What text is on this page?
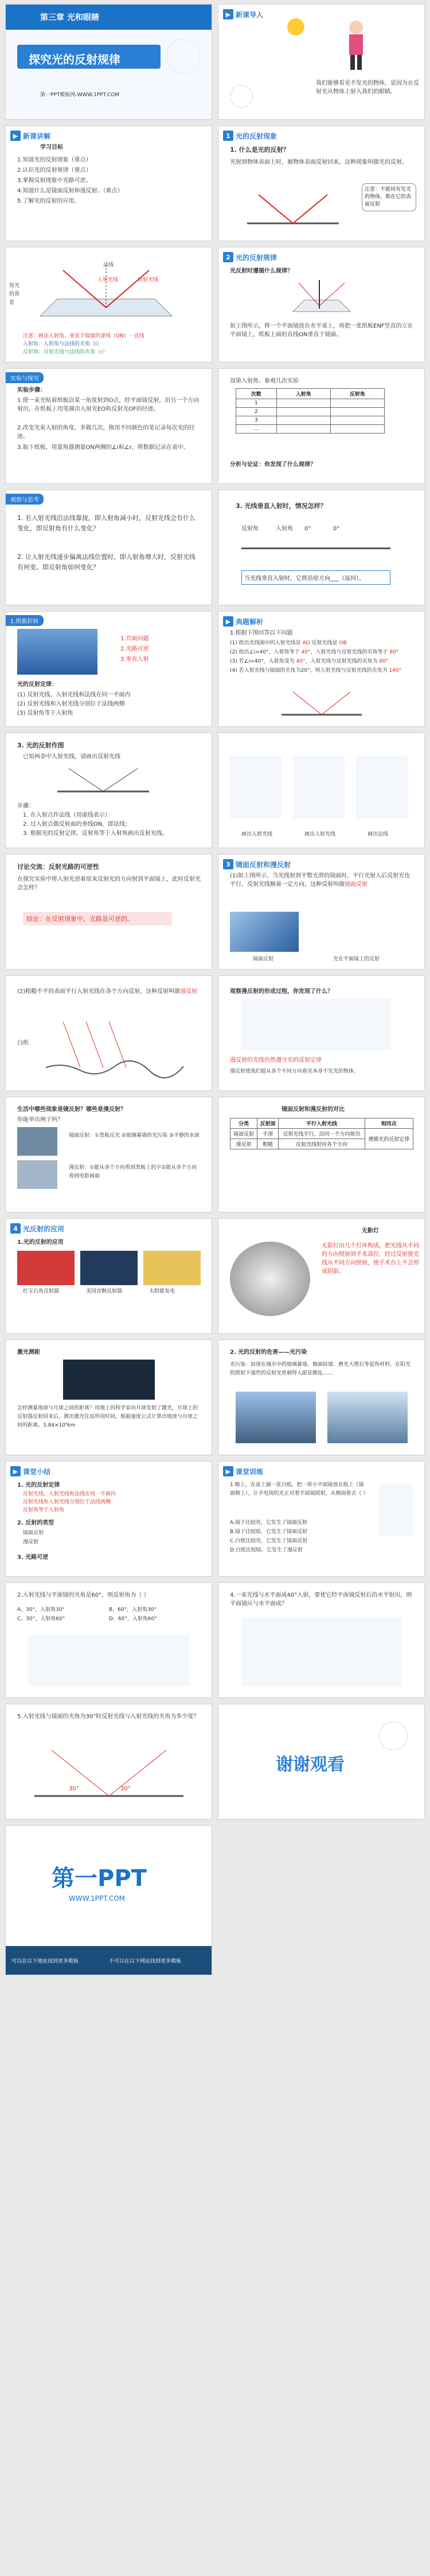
第三章 光和眼睛
探究光的反射规律
第一PPT模板网-WWW.1PPT.COM
▶ 新课导入
我们能够看见不发光的物体，是因为在反射光从物体上射入我们的眼睛。
▶ 新课讲解
学习目标
1.知道光的反射现象（重点）
2.认识光的反射规律（重点）
3.掌握反射现象中光路可逆。
4.知道什么是镜面反射和漫反射。（难点）
5.了解光的反射的应用。
1 光的反射现象
1. 什么是光的反射？
光射到物体表面上时，被物体表面反射回来，这种现象叫做光的反射。
注意：不能同有发光的物体，都在它的表面反射
入射光线	反射光线
法线
注意：画法入射角、垂直于镜面的虚线（ON）一直线
入射角：入射角与法线的夹角（i）
反射角：反射光线与法线的夹角（r）
按光的背景
2 光的反射规律
光反射时遵循什么规律？
如上图所示，将一个平面镜放在水平桌上，再把一张纸板ENF竖直的立在平面镜上，纸板上面的直线ON垂直于镜面。
实验与探究
实验步骤：
1.使一束光贴着纸板沿某一角度射到O点，经平面镜反射，沿另一个方向射出，在纸板上用笔描出入射光EO和反射光OF的径迹。
2.改变光束入射的角度，多做几次，换用不同颜色的笔记录每次光的径迹。
3.取下纸板，用量角器测量ON两侧的∠i和∠r，将数据记录在表中。
设第入射角、参观几次实验
次数	入射角	反射角
1		
2		
3		
…		
分析与论证：你发现了什么规律？
观察与思考
1. 若入射光线沿法线靠拢，即入射角减小时，反射光线会有什么变化，即反射角有什么变化？
2. 让入射光线逐步偏离法线位置时，即入射角增大时，反射光线有何变。即反射角如何变化？
3. 光线垂直入射时，情况怎样？
反射角	入射角 0°	0°
当光线垂直入射时，它将沿原方向___（返回）。
1.纸板折转
1.共面问题
2.光路可逆
3.垂直入射
光的反射定律：
(1) 反射光线、入射光线和法线在同一平面内
(2) 反射光线和入射光线分别位于法线两侧
(3) 反射角等于入射角
▶ 典题解析
1.根据下图回答以下问题
(1) 指出光线图中的入射光线是 AO 反射光线是 OB
(2) 指出∠i=40°，入射角等于 40°，入射光线与反射光线的夹角等于 80°
(3) 若∠i=40°，入射角变为 40°，入射光线与反射光线的夹角为 80°
(4) 若入射光线与镜面的夹角为20°，则入射光线与反射光线的夹角为 140°
3. 光的反射作图
已知两条中入射光线，请画出反射光线
步骤：
1. 在入射点作法线（用虚线表示）
2. 过入射点做反射面的垂线ON，即法线；
3. 根据光的反射定律，反射角等于入射角画出反射光线。	画出入射光线	画出入射光线	画出法线
讨论交流：反射光路的可逆性
在探究实验中将入射光逆着原来反射光的方向射到平面镜上，此时反射光会怎样？
结论：在反射现象中，光路是可逆的。
3 镜面反射和漫反射
(1)如上图所示，当光线射到平整光滑的镜面时，平行光射入后反射光也平行，反射光线顺着一定方向，这种反射叫做镜面反射
镜面反射	光在平面镜上的反射
(2)粗糙不平的表面平行入射光线在各个方向反射，这种反射叫做漫反射
白纸
观察漫反射的形成过程，你发现了什么？
漫反射的光线仍然遵守光的反射定律
漫反射使我们能从各个不同方向看见本身不发光的物体。
生活中哪些现象是镜反射？哪些是漫反射？
你能举出例子吗？
镜面反射：①黑板反光 ②玻璃幕墙的光污染 ③平静的水面
漫反射：①能从各个方向看到黑板上的字②能从各个方向看到电影画面
镜面反射和漫反射的对比
分类	反射面	平行入射光线	相同点
镜面反射	平滑	反射光线平行，沿同一个方向射出	遵循光的反射定律
漫反射	粗糙	反射光线射向各个方向	
4 光反射的应用
1.光的反射的应用
红宝石角反射器	美国首颗反射器	太阳能发电
无影灯
无影灯由几个灯环构成，把光线从不同的方向照射到手术部位，经过反射使光线从不同方向照射，使手术台上不会形成阴影。
激光测距
怎样测量地球与月球之间的距离？用地上的科学家向月球发射了激光，月球上的反射器反射回来后，测出激光往返所用时间，根据速度公式计算出地球与月球之间的距离。3.84×10⁵km
2. 光的反射的危害——光污染
光污染：如现在城市中的玻璃幕墙、釉面砖墙、磨光大理石等装饰材料，在阳光的照射下强烈的反射光常刺得人眼花缭乱……
▶ 课堂小结
1. 光的反射定律
反射光线、入射光线和法线在同一平面内
反射光线和入射光线分别位于法线两侧
反射角等于入射角
2. 反射的类型
镜面反射
漫反射
3. 光路可逆
▶ 课堂训练
1.晚上，在桌上铺一张白纸，把一块小平面镜放在纸上（镜面朝上），让手电筒的光正对着平面镜照射，从侧面看去（ ）
A.镜子比较亮，它发生了镜面反射
B.镜子比较暗，它发生了镜面反射
C.白纸比较亮，它发生了镜面反射
D.白纸比较暗，它发生了漫反射
2.入射光线与平面镜的夹角是60°，则反射角为（ ）
A、30°，入射角30°	B、60°，入射角30°
C、30°，入射角60°	D、60°，入射角60°
4.一束光线与水平面成40°入射，要使它经平面镜反射后沿水平射出，则平面镜应与水平面成？
5.入射光线与镜面的夹角为30°时反射光线与入射光线的夹角为多少度？
30°	30°
谢谢观看
第一PPT
WWW.1PPT.COM
可以在以下地址找到更多模板	不可以在以下网站找到更多模板
